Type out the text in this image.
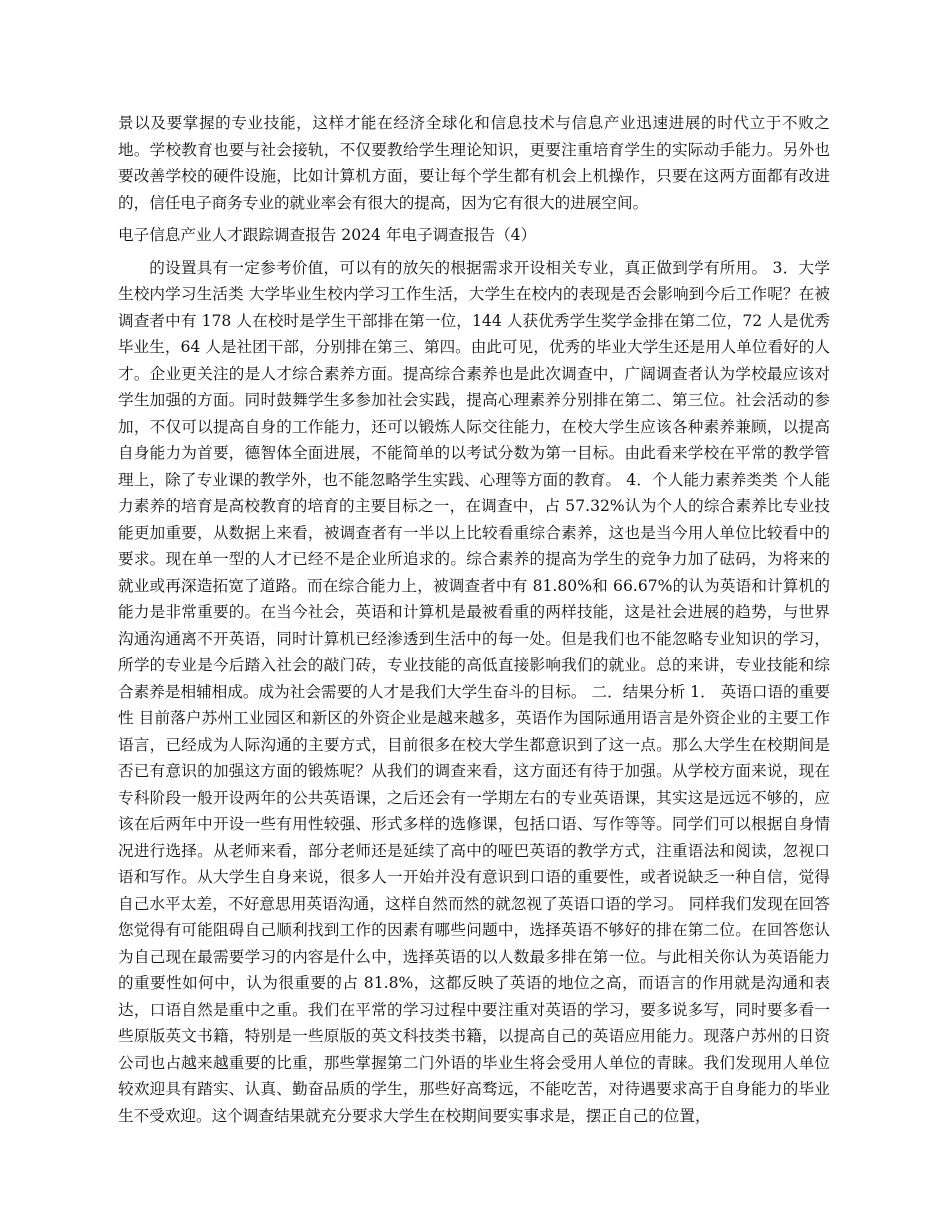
景以及要掌握的专业技能，这样才能在经济全球化和信息技术与信息产业迅速进展的时代立于不败之地。学校教育也要与社会接轨，不仅要教给学生理论知识，更要注重培育学生的实际动手能力。另外也要改善学校的硬件设施，比如计算机方面，要让每个学生都有机会上机操作，只要在这两方面都有改进的，信任电子商务专业的就业率会有很大的提高，因为它有很大的进展空间。

电子信息产业人才跟踪调查报告 2024 年电子调查报告（4）

的设置具有一定参考价值，可以有的放矢的根据需求开设相关专业，真正做到学有所用。 3．大学生校内学习生活类 大学毕业生校内学习工作生活，大学生在校内的表现是否会影响到今后工作呢？在被调查者中有 178 人在校时是学生干部排在第一位，144 人获优秀学生奖学金排在第二位，72 人是优秀毕业生，64 人是社团干部，分别排在第三、第四。由此可见，优秀的毕业大学生还是用人单位看好的人才。企业更关注的是人才综合素养方面。提高综合素养也是此次调查中，广阔调查者认为学校最应该对学生加强的方面。同时鼓舞学生多参加社会实践，提高心理素养分别排在第二、第三位。社会活动的参加，不仅可以提高自身的工作能力，还可以锻炼人际交往能力，在校大学生应该各种素养兼顾，以提高自身能力为首要，德智体全面进展，不能简单的以考试分数为第一目标。由此看来学校在平常的教学管理上，除了专业课的教学外，也不能忽略学生实践、心理等方面的教育。 4．个人能力素养类类 个人能力素养的培育是高校教育的培育的主要目标之一，在调查中，占 57.32%认为个人的综合素养比专业技能更加重要，从数据上来看，被调查者有一半以上比较看重综合素养，这也是当今用人单位比较看中的要求。现在单一型的人才已经不是企业所追求的。综合素养的提高为学生的竞争力加了砝码，为将来的就业或再深造拓宽了道路。而在综合能力上，被调查者中有 81.80%和 66.67%的认为英语和计算机的能力是非常重要的。在当今社会，英语和计算机是最被看重的两样技能，这是社会进展的趋势，与世界沟通沟通离不开英语，同时计算机已经渗透到生活中的每一处。但是我们也不能忽略专业知识的学习，所学的专业是今后踏入社会的敲门砖，专业技能的高低直接影响我们的就业。总的来讲，专业技能和综合素养是相辅相成。成为社会需要的人才是我们大学生奋斗的目标。 二．结果分析 1． 英语口语的重要性 目前落户苏州工业园区和新区的外资企业是越来越多，英语作为国际通用语言是外资企业的主要工作语言，已经成为人际沟通的主要方式，目前很多在校大学生都意识到了这一点。那么大学生在校期间是否已有意识的加强这方面的锻炼呢？从我们的调查来看，这方面还有待于加强。从学校方面来说，现在专科阶段一般开设两年的公共英语课，之后还会有一学期左右的专业英语课，其实这是远远不够的，应该在后两年中开设一些有用性较强、形式多样的选修课，包括口语、写作等等。同学们可以根据自身情况进行选择。从老师来看，部分老师还是延续了高中的哑巴英语的教学方式，注重语法和阅读，忽视口语和写作。从大学生自身来说，很多人一开始并没有意识到口语的重要性，或者说缺乏一种自信，觉得自己水平太差，不好意思用英语沟通，这样自然而然的就忽视了英语口语的学习。 同样我们发现在回答您觉得有可能阻碍自己顺利找到工作的因素有哪些问题中，选择英语不够好的排在第二位。在回答您认为自己现在最需要学习的内容是什么中，选择英语的以人数最多排在第一位。与此相关你认为英语能力的重要性如何中，认为很重要的占 81.8%，这都反映了英语的地位之高，而语言的作用就是沟通和表达，口语自然是重中之重。我们在平常的学习过程中要注重对英语的学习，要多说多写，同时要多看一些原版英文书籍，特别是一些原版的英文科技类书籍，以提高自己的英语应用能力。现落户苏州的日资公司也占越来越重要的比重，那些掌握第二门外语的毕业生将会受用人单位的青睐。我们发现用人单位较欢迎具有踏实、认真、勤奋品质的学生，那些好高骛远，不能吃苦，对待遇要求高于自身能力的毕业生不受欢迎。这个调查结果就充分要求大学生在校期间要实事求是，摆正自己的位置，
